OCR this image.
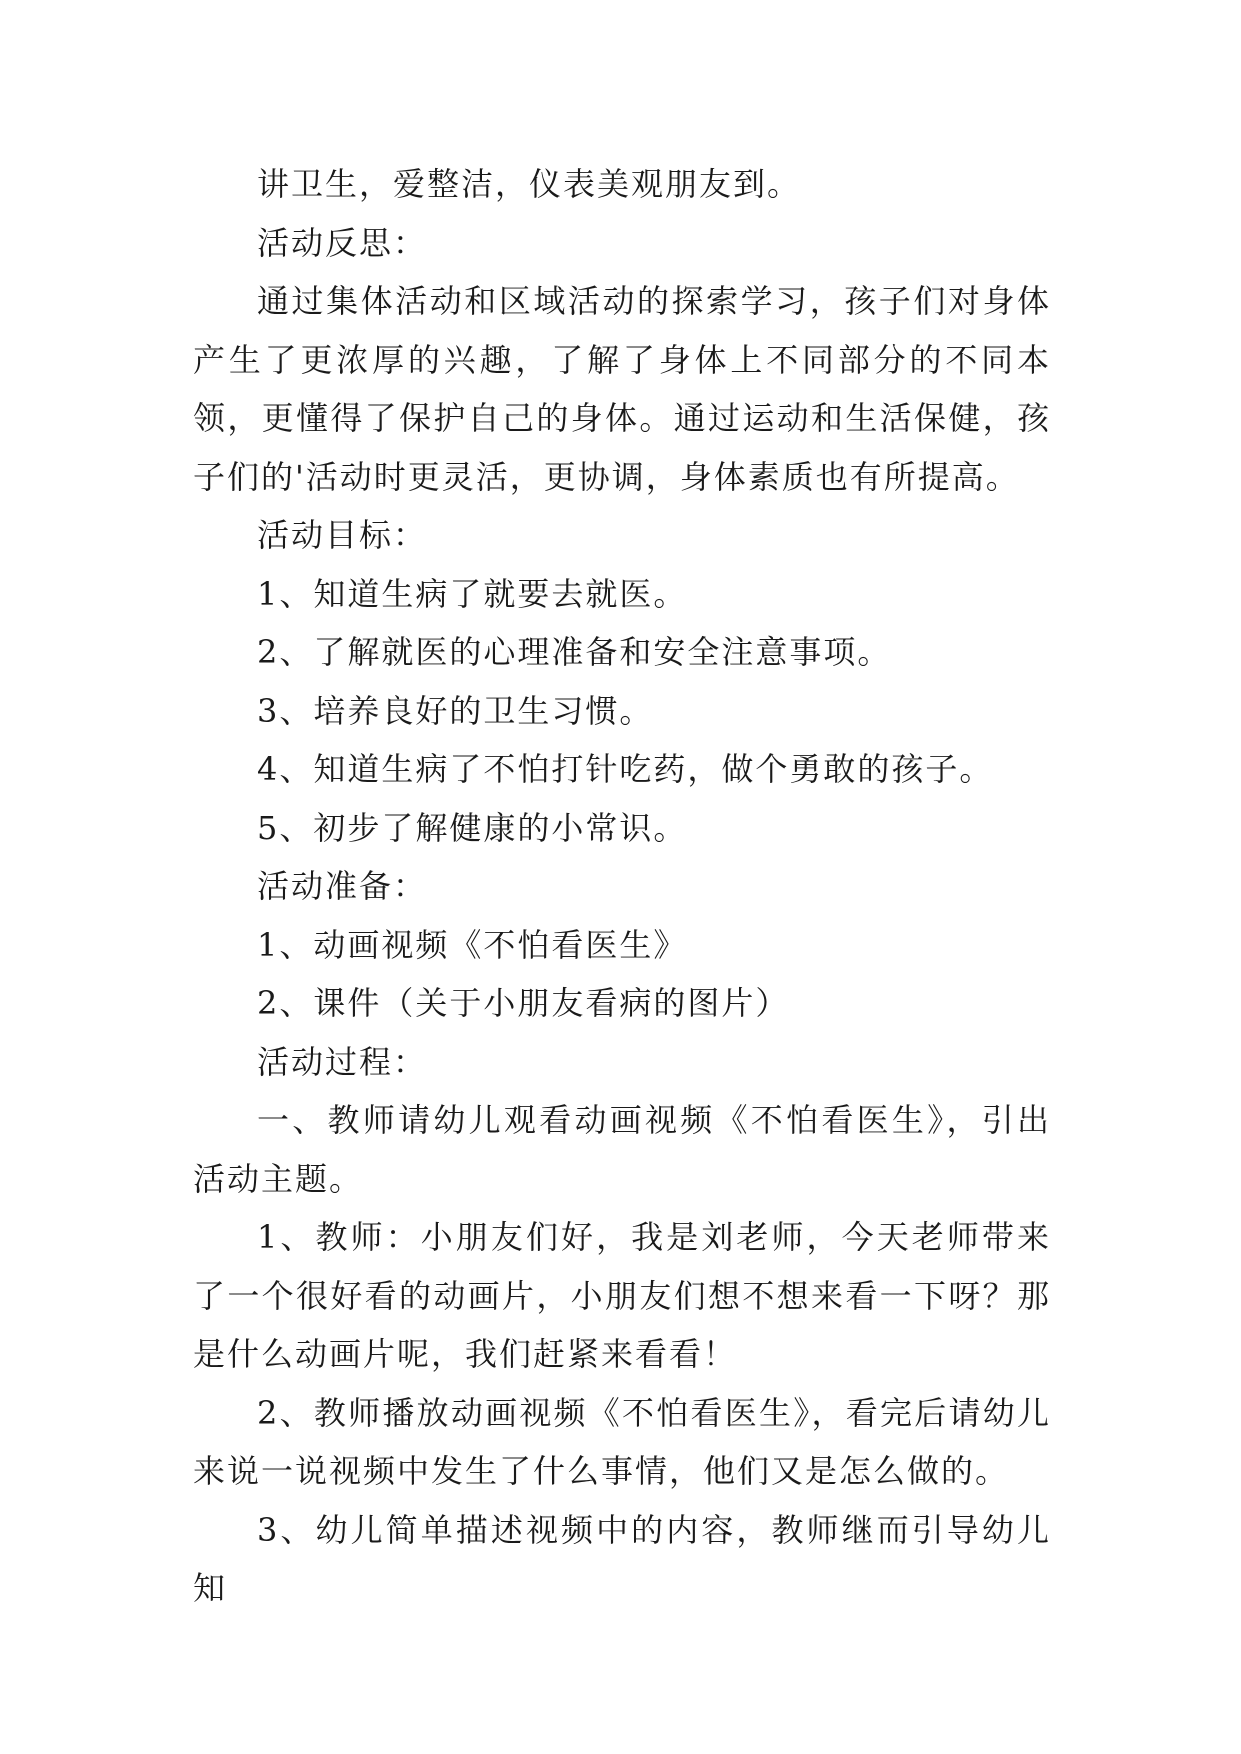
讲卫生，爱整洁，仪表美观朋友到。

活动反思：

通过集体活动和区域活动的探索学习，孩子们对身体产生了更浓厚的兴趣，了解了身体上不同部分的不同本领，更懂得了保护自己的身体。通过运动和生活保健，孩子们的'活动时更灵活，更协调，身体素质也有所提高。

活动目标：

1、知道生病了就要去就医。

2、了解就医的心理准备和安全注意事项。

3、培养良好的卫生习惯。

4、知道生病了不怕打针吃药，做个勇敢的孩子。

5、初步了解健康的小常识。

活动准备：

1、动画视频《不怕看医生》

2、课件（关于小朋友看病的图片）

活动过程：

一、教师请幼儿观看动画视频《不怕看医生》，引出活动主题。

1、教师：小朋友们好，我是刘老师，今天老师带来了一个很好看的动画片，小朋友们想不想来看一下呀？那是什么动画片呢，我们赶紧来看看！

2、教师播放动画视频《不怕看医生》，看完后请幼儿来说一说视频中发生了什么事情，他们又是怎么做的。

3、幼儿简单描述视频中的内容，教师继而引导幼儿知
